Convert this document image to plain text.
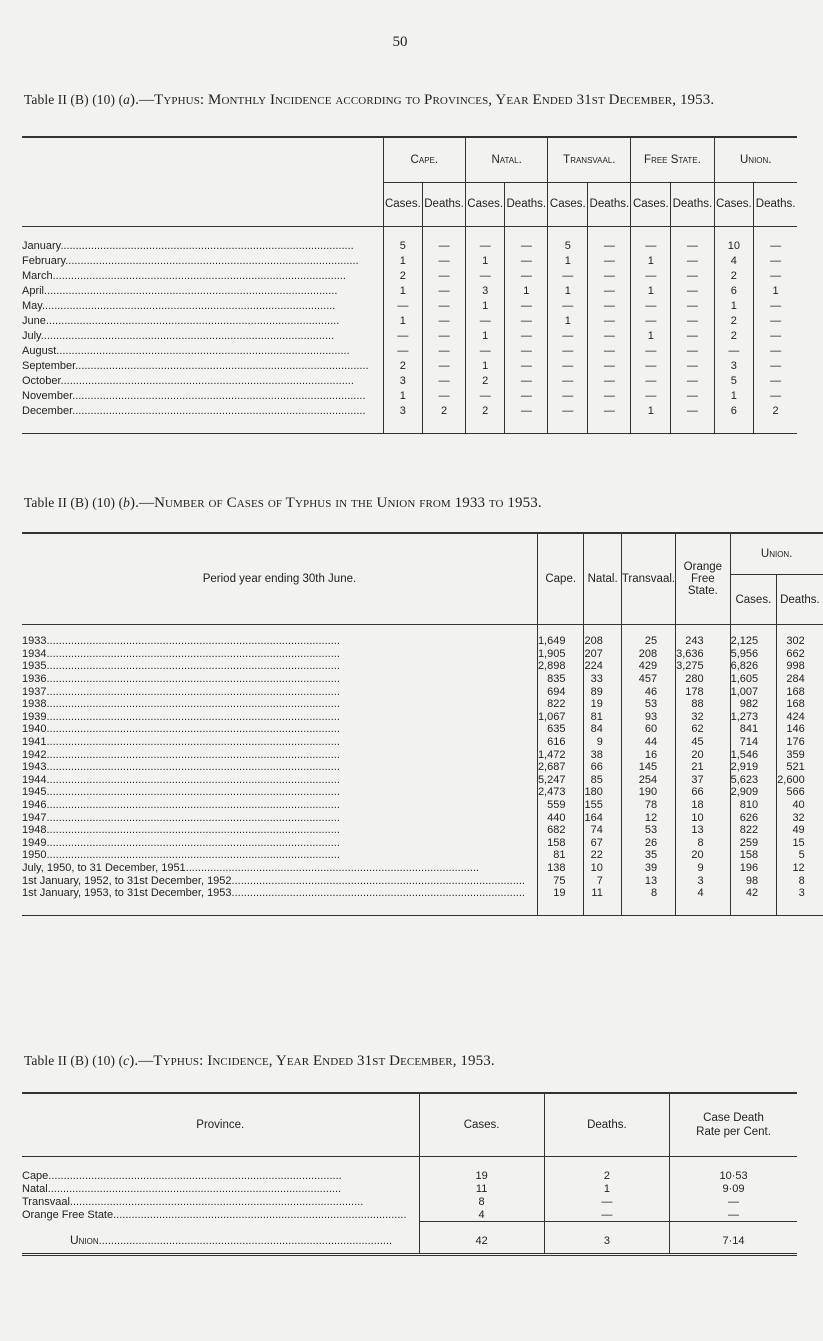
50
Table II (B) (10) (a).—Typhus: Monthly Incidence according to Provinces, Year Ended 31st December, 1953.
	Cape.		Natal.		Transvaal.		Free State.		Union.	
	Cases.	Deaths.	Cases.	Deaths.	Cases.	Deaths.	Cases.	Deaths.	Cases.	Deaths.
January .....	5	—	—	—	5	—	—	—	10	—
February .....	1	—	1	—	1	—	1	—	4	—
March .....	2	—	—	—	—	—	—	—	2	—
April .....	1	—	3	1	1	—	1	—	6	1
May .....	—	—	1	—	—	—	—	—	1	—
June .....	1	—	—	—	1	—	—	—	2	—
July .....	—	—	1	—	—	—	1	—	2	—
August .....	—	—	—	—	—	—	—	—	—	—
September .....	2	—	1	—	—	—	—	—	3	—
October .....	3	—	2	—	—	—	—	—	5	—
November .....	1	—	—	—	—	—	—	—	1	—
December .....	3	2	2	—	—	—	1	—	6	2
Table II (B) (10) (b).—Number of Cases of Typhus in the Union from 1933 to 1953.
Period year ending 30th June.	Cape.	Natal.	Transvaal.	Orange Free State.	Union.	
					Cases.	Deaths.
1933 .....	1,649	208	25	243	2,125	302
1934 .....	1,905	207	208	3,636	5,956	662
1935 .....	2,898	224	429	3,275	6,826	998
1936 .....	835	33	457	280	1,605	284
1937 .....	694	89	46	178	1,007	168
1938 .....	822	19	53	88	982	168
1939 .....	1,067	81	93	32	1,273	424
1940 .....	635	84	60	62	841	146
1941 .....	616	9	44	45	714	176
1942 .....	1,472	38	16	20	1,546	359
1943 .....	2,687	66	145	21	2,919	521
1944 .....	5,247	85	254	37	5,623	2,600
1945 .....	2,473	180	190	66	2,909	566
1946 .....	559	155	78	18	810	40
1947 .....	440	164	12	10	626	32
1948 .....	682	74	53	13	822	49
1949 .....	158	67	26	8	259	15
1950 .....	81	22	35	20	158	5
July, 1950, to 31 December, 1951 .....	138	10	39	9	196	12
1st January, 1952, to 31st December, 1952 .....	75	7	13	3	98	8
1st January, 1953, to 31st December, 1953 .....	19	11	8	4	42	3
Table II (B) (10) (c).—Typhus: Incidence, Year Ended 31st December, 1953.
Province.	Cases.	Deaths.	Case Death Rate per Cent.
Cape .....	19	2	10·53
Natal .....	11	1	9·09
Transvaal .....	8	—	—
Orange Free State .....	4	—	—
Union .....	42	3	7·14
